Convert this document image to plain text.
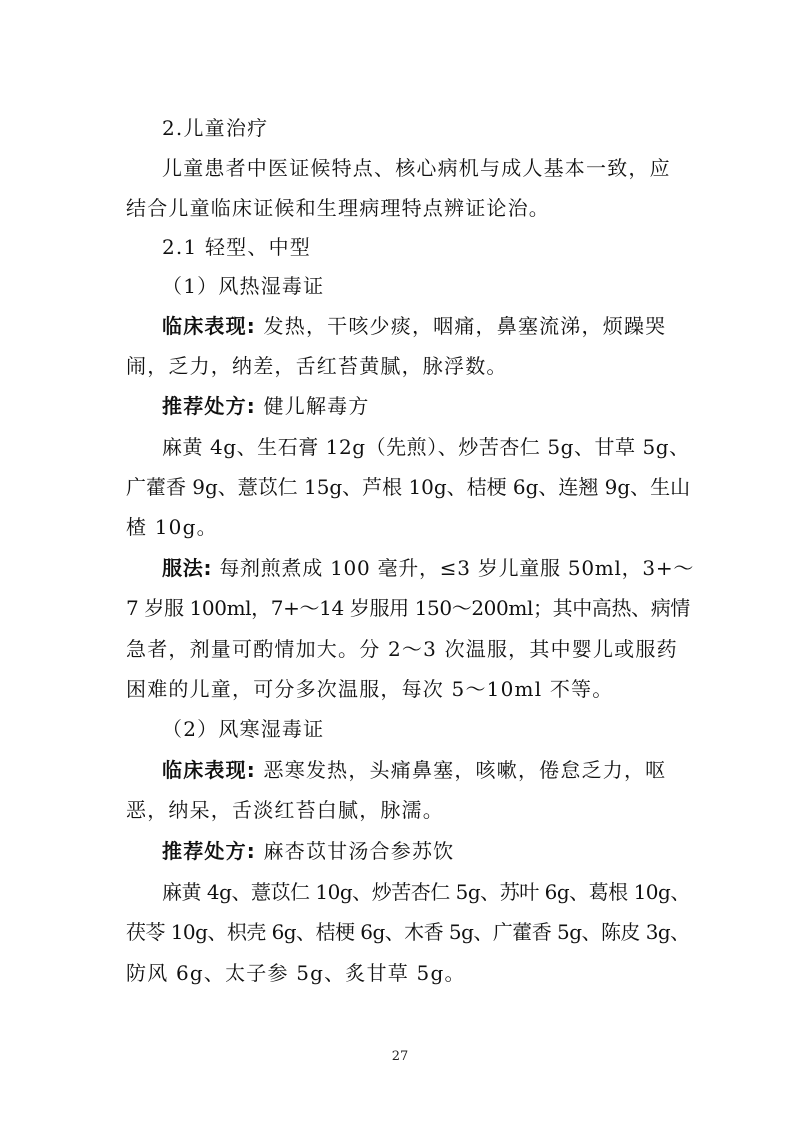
2.儿童治疗
儿童患者中医证候特点、核心病机与成人基本一致，应
结合儿童临床证候和生理病理特点辨证论治。
2.1 轻型、中型
（1）风热湿毒证
临床表现: 发热，干咳少痰，咽痛，鼻塞流涕，烦躁哭
闹，乏力，纳差，舌红苔黄腻，脉浮数。
推荐处方: 健儿解毒方
麻黄 4g、生石膏 12g（先煎）、炒苦杏仁 5g、甘草 5g、
广藿香 9g、薏苡仁 15g、芦根 10g、桔梗 6g、连翘 9g、生山
楂 10g。
服法: 每剂煎煮成 100 毫升，≤3 岁儿童服 50ml，3+～
7 岁服 100ml，7+～14 岁服用 150～200ml；其中高热、病情
急者，剂量可酌情加大。分 2～3 次温服，其中婴儿或服药
困难的儿童，可分多次温服，每次 5～10ml 不等。
（2）风寒湿毒证
临床表现: 恶寒发热，头痛鼻塞，咳嗽，倦怠乏力，呕
恶，纳呆，舌淡红苔白腻，脉濡。
推荐处方: 麻杏苡甘汤合参苏饮
麻黄 4g、薏苡仁 10g、炒苦杏仁 5g、苏叶 6g、葛根 10g、
茯苓 10g、枳壳 6g、桔梗 6g、木香 5g、广藿香 5g、陈皮 3g、
防风 6g、太子参 5g、炙甘草 5g。
27
